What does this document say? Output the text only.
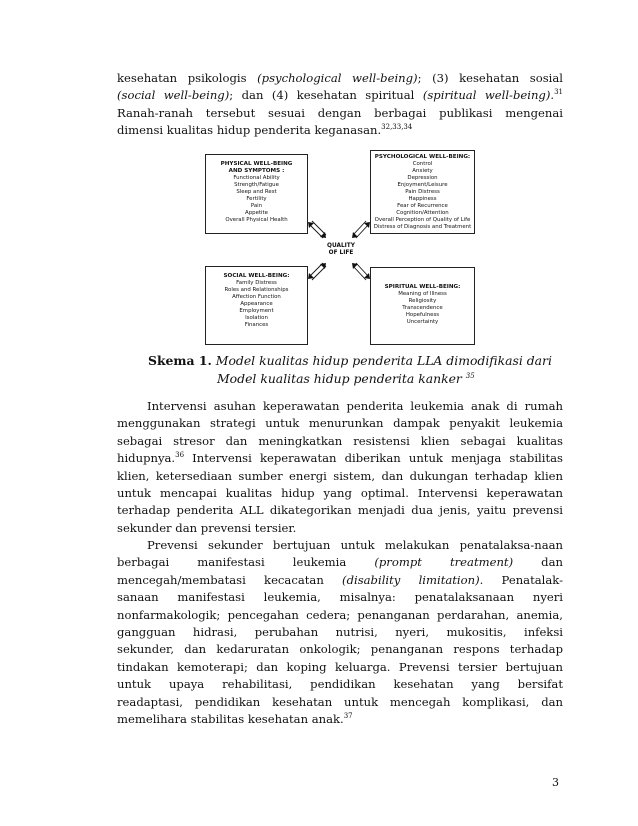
kesehatan psikologis (psychological well-being); (3) kesehatan sosial
(social well-being); dan (4) kesehatan spiritual (spiritual well-being).$^{31}$
Ranah-ranah tersebut sesuai dengan berbagai publikasi mengenai
dimensi kualitas hidup penderita keganasan.$^{32,33,34}$
PHYSICAL WELL-BEING
AND SYMPTOMS :
Functional Ability
Strength/Fatigue
Sleep and Rest
Fertility
Pain
Appetite
Overall Physical Health
PSYCHOLOGICAL WELL-BEING:
Control
Anxiety
Depression
Enjoyment/Leisure
Pain Distress
Happiness
Fear of Recurrence
Cognition/Attention
Overall Perception of Quality of Life
Distress of Diagnosis and Treatment
QUALITY
OF LIFE
SOCIAL WELL-BEING:
Family Distress
Roles and Relationships
Affection Function
Appearance
Employment
Isolation
Finances
SPIRITUAL WELL-BEING:
Meaning of Illness
Religiosity
Transcendence
Hopefulness
Uncertainty
Skema 1. Model kualitas hidup penderita LLA dimodifikasi dari
Model kualitas hidup penderita kanker $^{35}$
Intervensi asuhan keperawatan penderita leukemia anak di rumah
menggunakan strategi untuk menurunkan dampak penyakit leukemia
sebagai stresor dan meningkatkan resistensi klien sebagai kualitas
hidupnya.$^{36}$ Intervensi keperawatan diberikan untuk menjaga stabilitas
klien, ketersediaan sumber energi sistem, dan dukungan terhadap klien
untuk mencapai kualitas hidup yang optimal. Intervensi keperawatan
terhadap penderita ALL dikategorikan menjadi dua jenis, yaitu prevensi
sekunder dan prevensi tersier.
Prevensi sekunder bertujuan untuk melakukan penatalaksa-naan
berbagai manifestasi leukemia (prompt treatment) dan
mencegah/membatasi kecacatan (disability limitation). Penatalak-
sanaan manifestasi leukemia, misalnya: penatalaksanaan nyeri
nonfarmakologik; pencegahan cedera; penanganan perdarahan, anemia,
gangguan hidrasi, perubahan nutrisi, nyeri, mukositis, infeksi
sekunder, dan kedaruratan onkologik; penanganan respons terhadap
tindakan kemoterapi; dan koping keluarga. Prevensi tersier bertujuan
untuk upaya rehabilitasi, pendidikan kesehatan yang bersifat
readaptasi, pendidikan kesehatan untuk mencegah komplikasi, dan
memelihara stabilitas kesehatan anak.$^{37}$
3
